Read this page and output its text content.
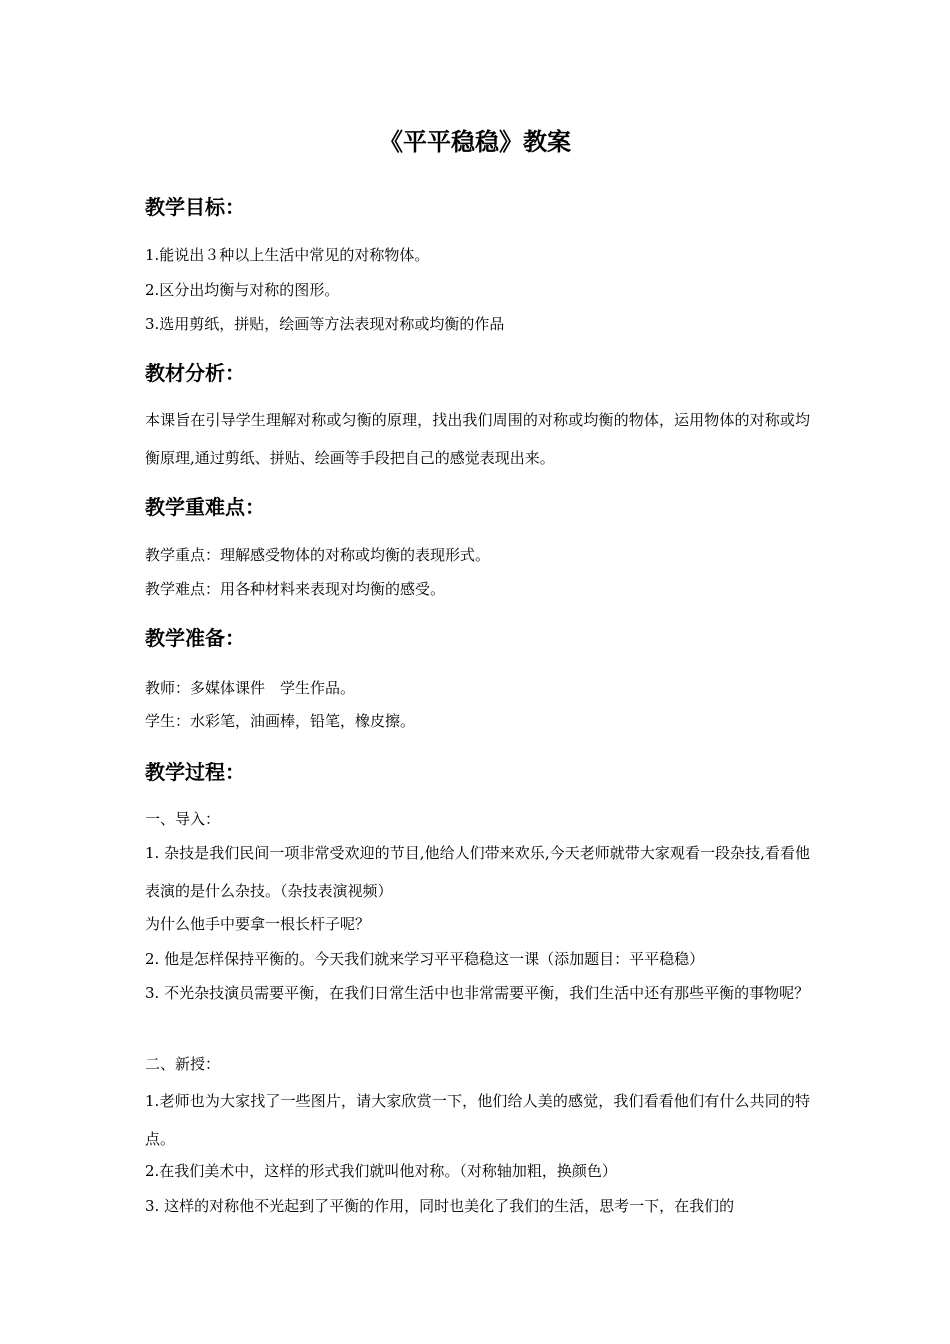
《平平稳稳》教案
教学目标：

1.能说出３种以上生活中常见的对称物体。

2.区分出均衡与对称的图形。

3.选用剪纸，拼贴，绘画等方法表现对称或均衡的作品

教材分析：

本课旨在引导学生理解对称或匀衡的原理，找出我们周围的对称或均衡的物体，运用物体的对称或均衡原理,通过剪纸、拼贴、绘画等手段把自己的感觉表现出来。

教学重难点：

教学重点：理解感受物体的对称或均衡的表现形式。

教学难点：用各种材料来表现对均衡的感受。

教学准备：

教师：多媒体课件　学生作品。

学生：水彩笔，油画棒，铅笔，橡皮擦。

教学过程：

一、导入：

1. 杂技是我们民间一项非常受欢迎的节目,他给人们带来欢乐,今天老师就带大家观看一段杂技,看看他表演的是什么杂技。（杂技表演视频）

为什么他手中要拿一根长杆子呢？

2. 他是怎样保持平衡的。今天我们就来学习平平稳稳这一课（添加题目：平平稳稳）

3. 不光杂技演员需要平衡，在我们日常生活中也非常需要平衡，我们生活中还有那些平衡的事物呢？

二、新授：

1.老师也为大家找了一些图片，请大家欣赏一下，他们给人美的感觉，我们看看他们有什么共同的特点。

2.在我们美术中，这样的形式我们就叫他对称。（对称轴加粗，换颜色）

3. 这样的对称他不光起到了平衡的作用，同时也美化了我们的生活，思考一下，在我们的
